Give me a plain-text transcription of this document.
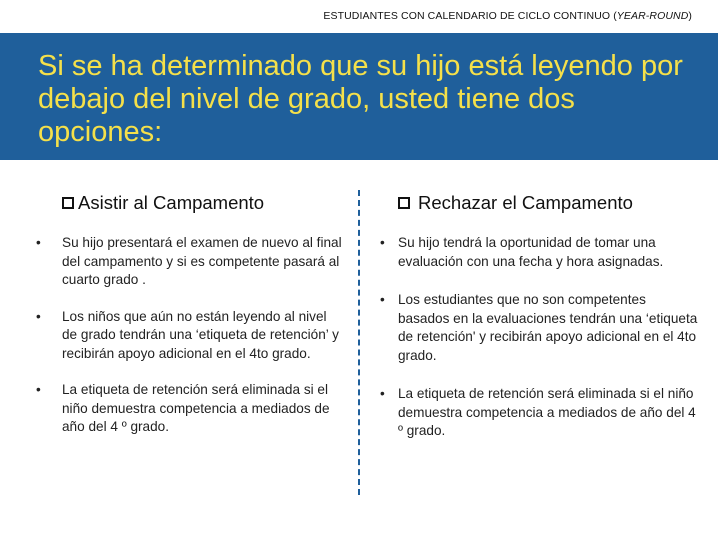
ESTUDIANTES CON CALENDARIO DE CICLO CONTINUO (YEAR-ROUND)
Si se ha determinado que su hijo está leyendo por debajo del nivel de grado, usted tiene dos opciones:
Asistir al Campamento
• Su hijo presentará el examen de nuevo al final del campamento y si es competente pasará al cuarto grado .
• Los niños que aún no están leyendo al nivel de grado tendrán una ‘etiqueta de retención’ y recibirán apoyo adicional en el 4to grado.
• La etiqueta de retención será eliminada si el niño demuestra competencia a mediados de año del 4 º grado.
Rechazar el Campamento
• Su hijo tendrá la oportunidad de tomar una evaluación con una fecha y hora asignadas.
• Los estudiantes que no son competentes basados en la evaluaciones tendrán una ‘etiqueta de retención' y recibirán apoyo adicional en el 4to grado.
• La etiqueta de retención será eliminada si el niño demuestra competencia a mediados de año del 4 º grado.
